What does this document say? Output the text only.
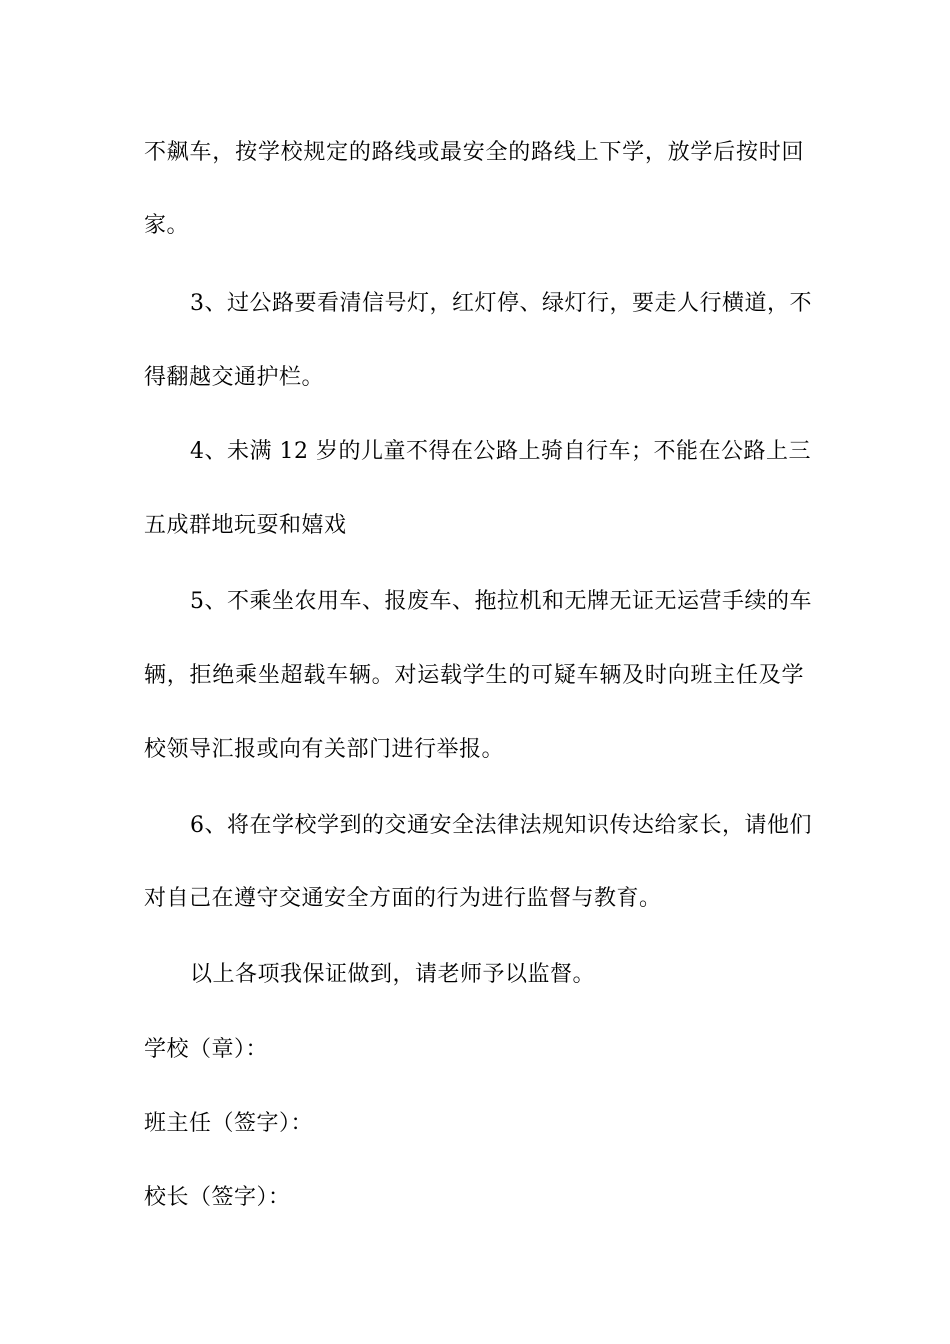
不飙车，按学校规定的路线或最安全的路线上下学，放学后按时回
家。
3、过公路要看清信号灯，红灯停、绿灯行，要走人行横道，不
得翻越交通护栏。
4、未满 12 岁的儿童不得在公路上骑自行车；不能在公路上三
五成群地玩耍和嬉戏
5、不乘坐农用车、报废车、拖拉机和无牌无证无运营手续的车
辆，拒绝乘坐超载车辆。对运载学生的可疑车辆及时向班主任及学
校领导汇报或向有关部门进行举报。
6、将在学校学到的交通安全法律法规知识传达给家长，请他们
对自己在遵守交通安全方面的行为进行监督与教育。
以上各项我保证做到，请老师予以监督。
学校（章）：
班主任（签字）：
校长（签字）：
